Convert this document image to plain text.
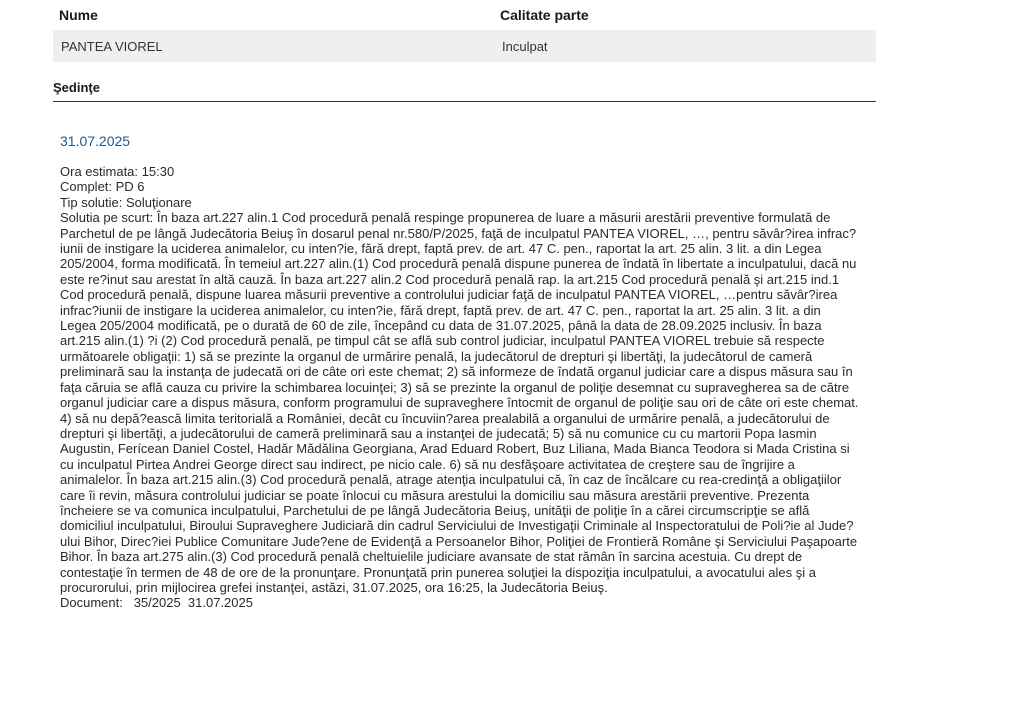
Nume	Calitate parte
PANTEA VIOREL	Inculpat
Şedinţe
31.07.2025
Ora estimata: 15:30
Complet: PD 6
Tip solutie: Soluţionare
Solutia pe scurt: În baza art.227 alin.1 Cod procedură penală respinge propunerea de luare a măsurii arestării preventive formulată de Parchetul de pe lângă Judecătoria Beiuş în dosarul penal nr.580/P/2025, faţă de inculpatul PANTEA VIOREL, …, pentru săvâr?irea infrac?iunii de instigare la uciderea animalelor, cu inten?ie, fără drept, faptă prev. de art. 47 C. pen., raportat la art. 25 alin. 3 lit. a din Legea 205/2004, forma modificată. În temeiul art.227 alin.(1) Cod procedură penală dispune punerea de îndată în libertate a inculpatului, dacă nu este re?inut sau arestat în altă cauză. În baza art.227 alin.2 Cod procedură penală rap. la art.215 Cod procedură penală şi art.215 ind.1 Cod procedură penală, dispune luarea măsurii preventive a controlului judiciar faţă de inculpatul PANTEA VIOREL, …pentru săvâr?irea infrac?iunii de instigare la uciderea animalelor, cu inten?ie, fără drept, faptă prev. de art. 47 C. pen., raportat la art. 25 alin. 3 lit. a din Legea 205/2004 modificată, pe o durată de 60 de zile, începând cu data de 31.07.2025, până la data de 28.09.2025 inclusiv. În baza art.215 alin.(1) ?i (2) Cod procedură penală, pe timpul cât se află sub control judiciar, inculpatul PANTEA VIOREL trebuie să respecte următoarele obligaţii: 1) să se prezinte la organul de urmărire penală, la judecătorul de drepturi şi libertăţi, la judecătorul de cameră preliminară sau la instanţa de judecată ori de câte ori este chemat; 2) să informeze de îndată organul judiciar care a dispus măsura sau în faţa căruia se află cauza cu privire la schimbarea locuinţei; 3) să se prezinte la organul de poliţie desemnat cu supravegherea sa de către organul judiciar care a dispus măsura, conform programului de supraveghere întocmit de organul de poliţie sau ori de câte ori este chemat. 4) să nu depă?ească limita teritorială a României, decât cu încuviin?area prealabilă a organului de urmărire penală, a judecătorului de drepturi şi libertăţi, a judecătorului de cameră preliminară sau a instanţei de judecată; 5) să nu comunice cu cu martorii Popa Iasmin Augustin, Ferícean Daniel Costel, Hadăr Mădălina Georgiana, Arad Eduard Robert, Buz Liliana, Mada Bianca Teodora si Mada Cristina si cu inculpatul Pirtea Andrei George direct sau indirect, pe nicio cale. 6) să nu desfăşoare activitatea de creştere sau de îngrijire a animalelor. În baza art.215 alin.(3) Cod procedură penală, atrage atenţia inculpatului că, în caz de încălcare cu rea-credinţă a obligaţiilor care îi revin, măsura controlului judiciar se poate înlocui cu măsura arestului la domiciliu sau măsura arestării preventive. Prezenta încheiere se va comunica inculpatului, Parchetului de pe lângă Judecătoria Beiuş, unităţii de poliţie în a cărei circumscripţie se află domiciliul inculpatului, Biroului Supraveghere Judiciară din cadrul Serviciului de Investigaţii Criminale al Inspectoratului de Poli?ie al Jude?ului Bihor, Direc?iei Publice Comunitare Jude?ene de Evidenţă a Persoanelor Bihor, Poliţiei de Frontieră Române şi Serviciului Paşapoarte Bihor. În baza art.275 alin.(3) Cod procedură penală cheltuielile judiciare avansate de stat rămân în sarcina acestuia. Cu drept de contestaţie în termen de 48 de ore de la pronunţare. Pronunţată prin punerea soluţiei la dispoziţia inculpatului, a avocatului ales şi a procurorului, prin mijlocirea grefei instanţei, astăzi, 31.07.2025, ora 16:25, la Judecătoria Beiuş.
Document:   35/2025  31.07.2025
